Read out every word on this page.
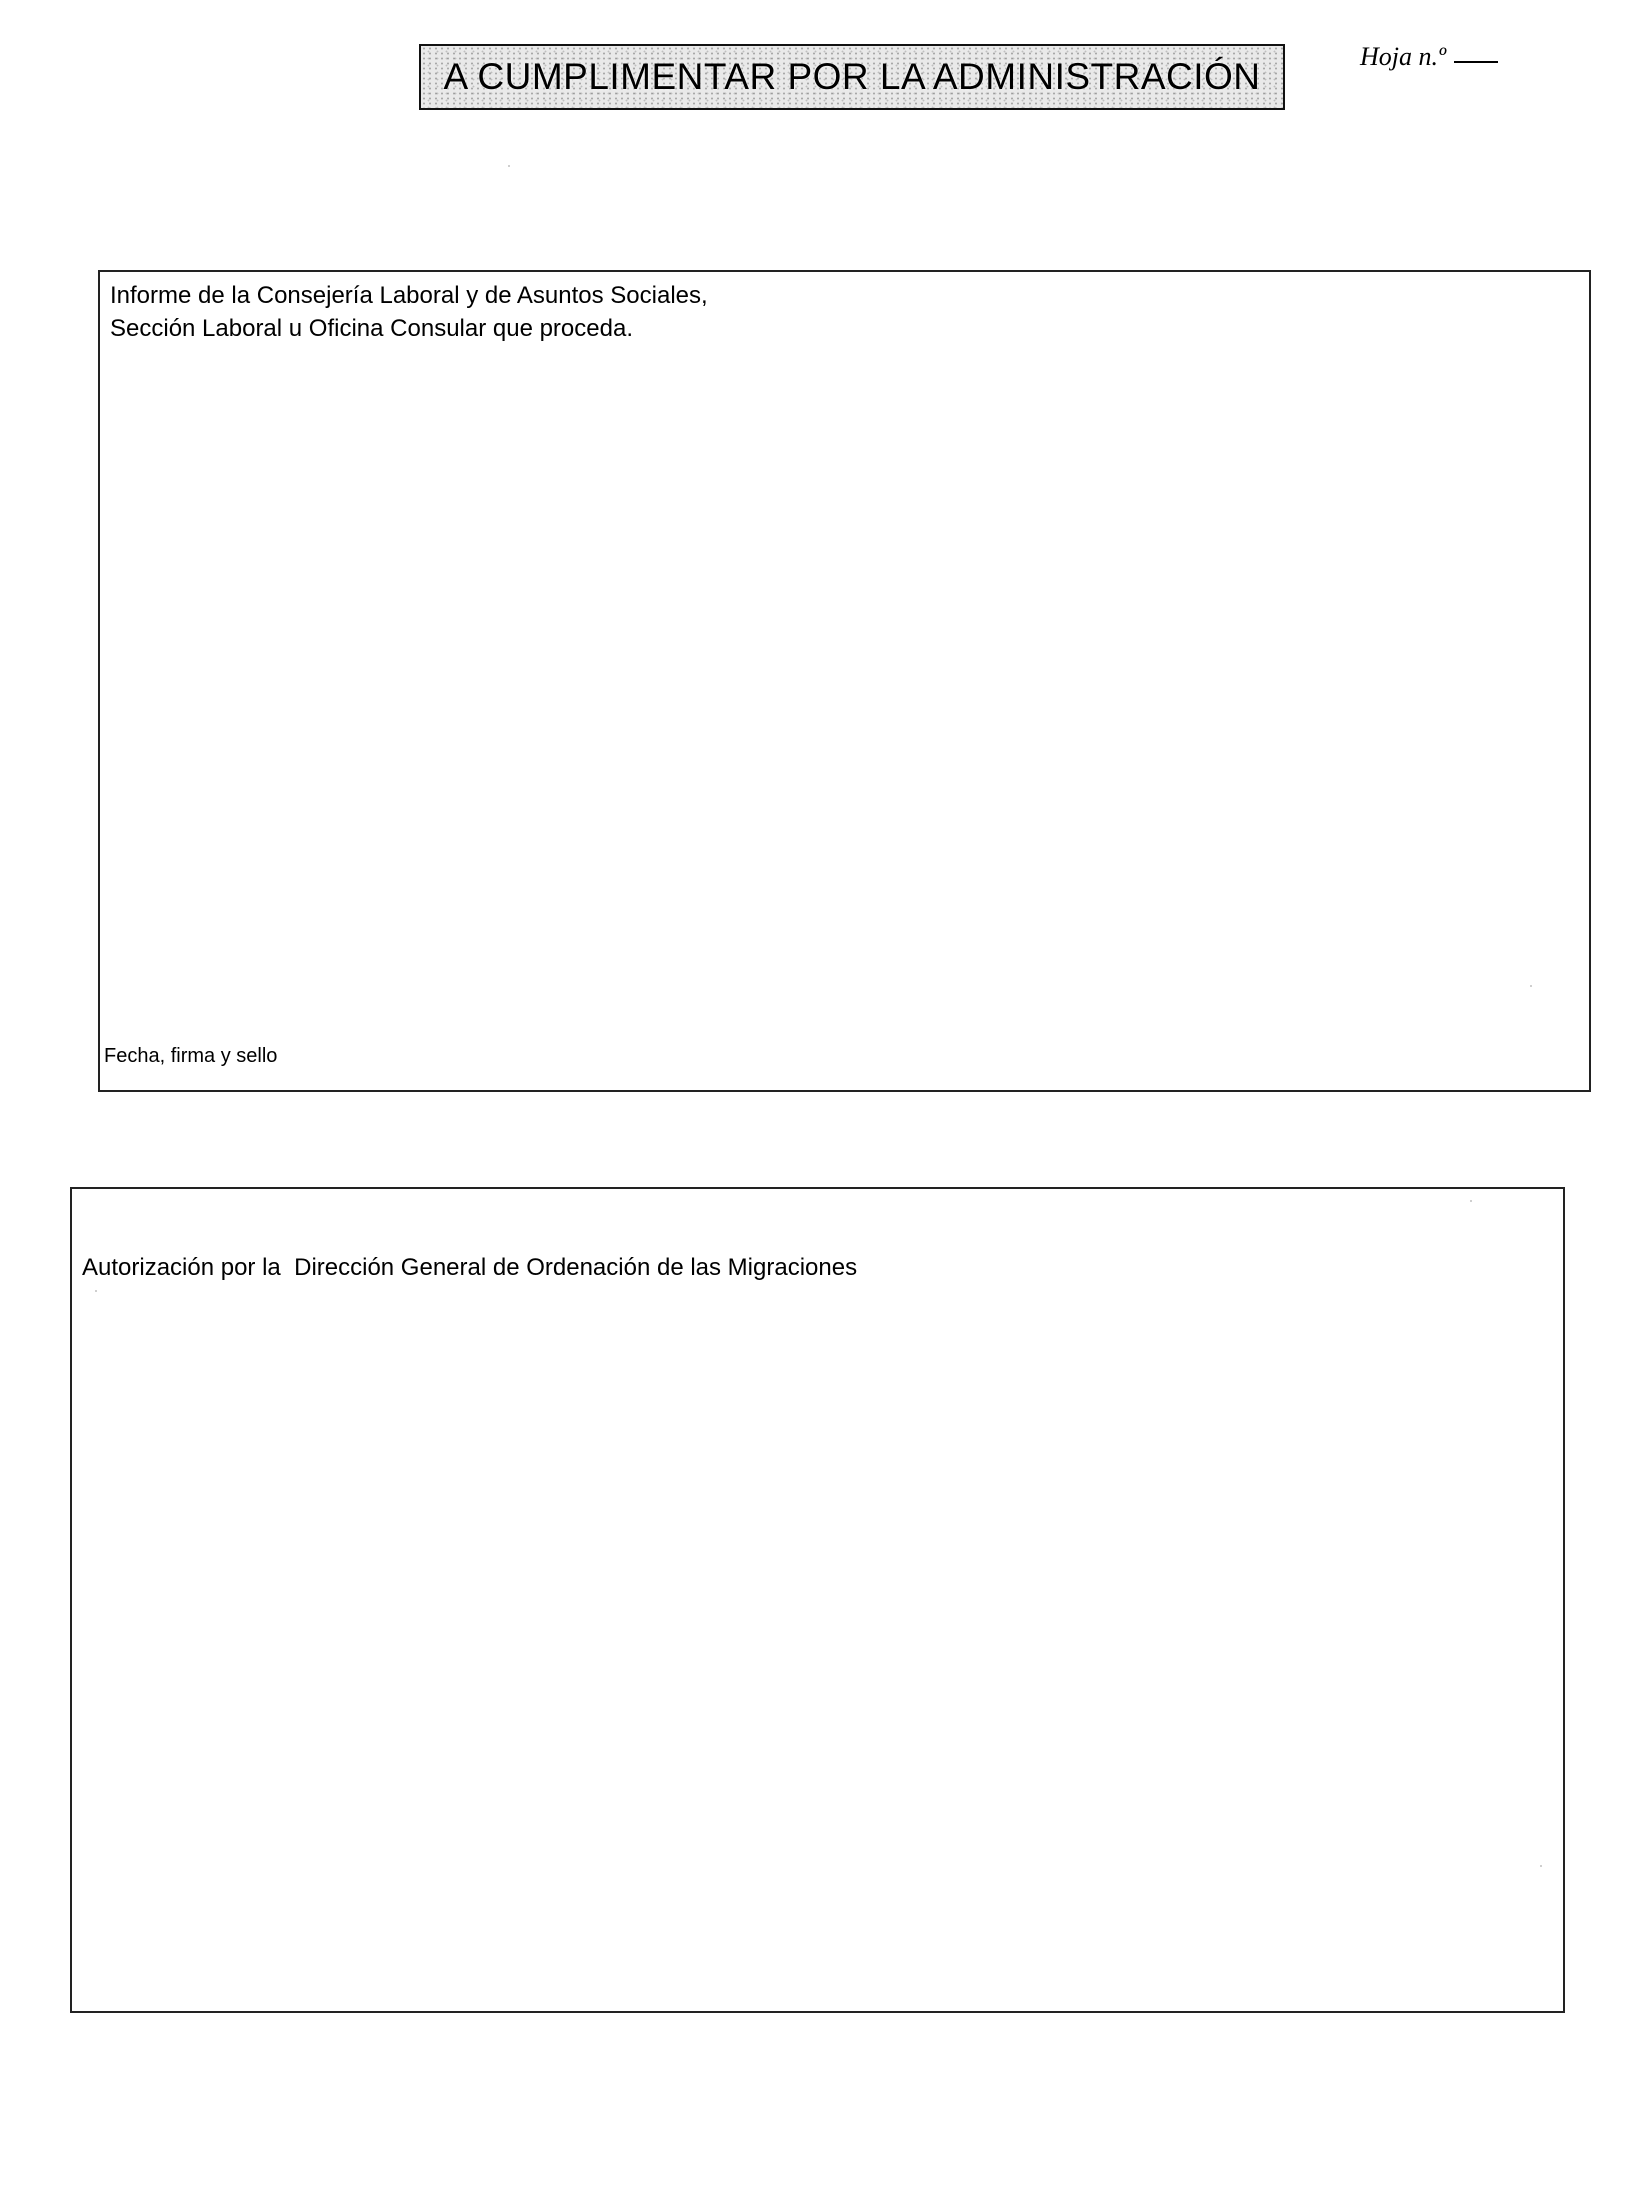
A CUMPLIMENTAR POR LA ADMINISTRACIÓN	Hoja n.º
Informe de la Consejería Laboral y de Asuntos Sociales,
Sección Laboral u Oficina Consular que proceda.
Fecha, firma y sello
Autorización por la  Dirección General de Ordenación de las Migraciones
